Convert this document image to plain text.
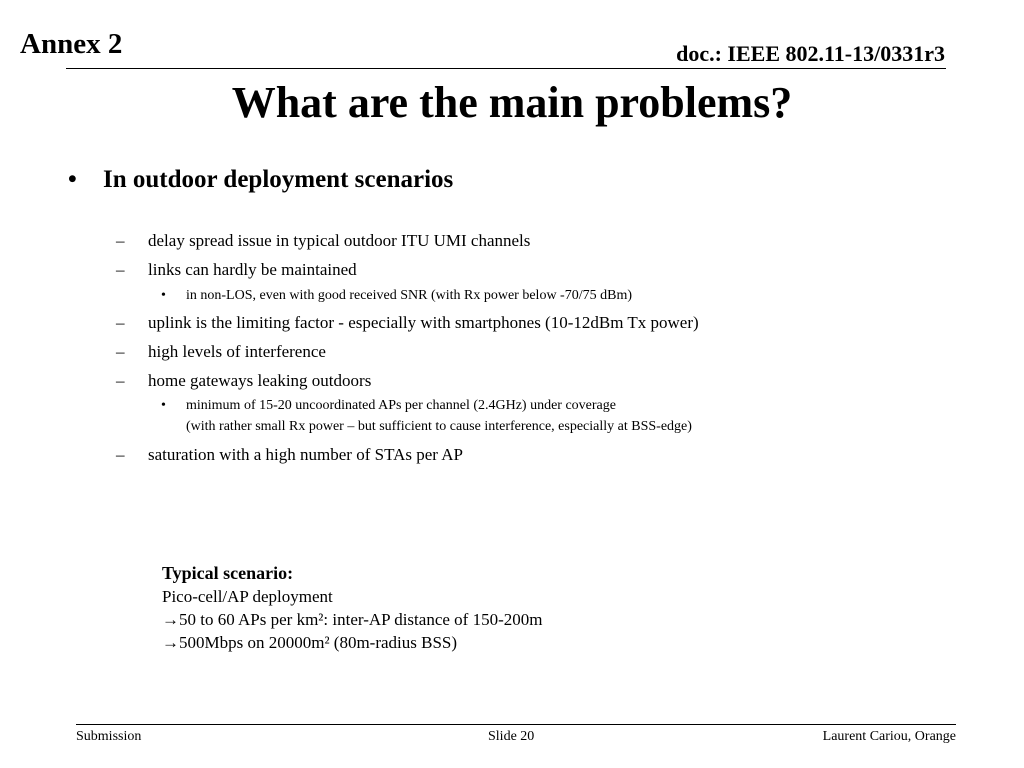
Annex 2	doc.: IEEE 802.11-13/0331r3
What are the main problems?
• In outdoor deployment scenarios
– delay spread issue in typical outdoor ITU UMI channels
– links can hardly be maintained
• in non-LOS, even with good received SNR (with Rx power below -70/75 dBm)
– uplink is the limiting factor - especially with smartphones (10-12dBm Tx power)
– high levels of interference
– home gateways leaking outdoors
• minimum of 15-20 uncoordinated APs per channel (2.4GHz) under coverage
(with rather small Rx power – but sufficient to cause interference, especially at BSS-edge)
– saturation with a high number of STAs per AP
Typical scenario:
Pico-cell/AP deployment
→50 to 60 APs per km²: inter-AP distance of 150-200m
→500Mbps on 20000m² (80m-radius BSS)
Submission	Slide 20	Laurent Cariou, Orange
